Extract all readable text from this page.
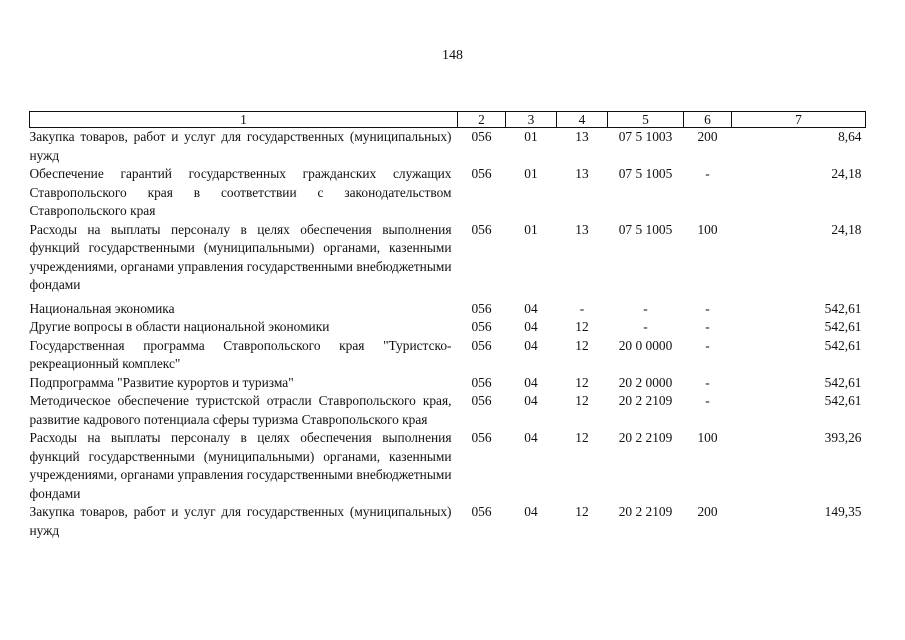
148
1	2	3	4	5	6	7
Закупка товаров, работ и услуг для государственных (муниципальных) нужд	056	01	13	07 5 1003	200	8,64
Обеспечение гарантий государственных гражданских служащих Ставропольского края в соответствии с законодательством Ставропольского края	056	01	13	07 5 1005	-	24,18
Расходы на выплаты персоналу в целях обеспечения выполнения функций государственными (муниципальными) органами, казенными учреждениями, органами управления государственными внебюджетными фондами	056	01	13	07 5 1005	100	24,18
Национальная экономика	056	04	-	-	-	542,61
Другие вопросы в области национальной экономики	056	04	12	-	-	542,61
Государственная программа Ставропольского края "Туристско-рекреационный комплекс"	056	04	12	20 0 0000	-	542,61
Подпрограмма "Развитие курортов и туризма"	056	04	12	20 2 0000	-	542,61
Методическое обеспечение туристской отрасли Ставропольского края, развитие кадрового потенциала сферы туризма Ставропольского края	056	04	12	20 2 2109	-	542,61
Расходы на выплаты персоналу в целях обеспечения выполнения функций государственными (муниципальными) органами, казенными учреждениями, органами управления государственными внебюджетными фондами	056	04	12	20 2 2109	100	393,26
Закупка товаров, работ и услуг для государственных (муниципальных) нужд	056	04	12	20 2 2109	200	149,35
